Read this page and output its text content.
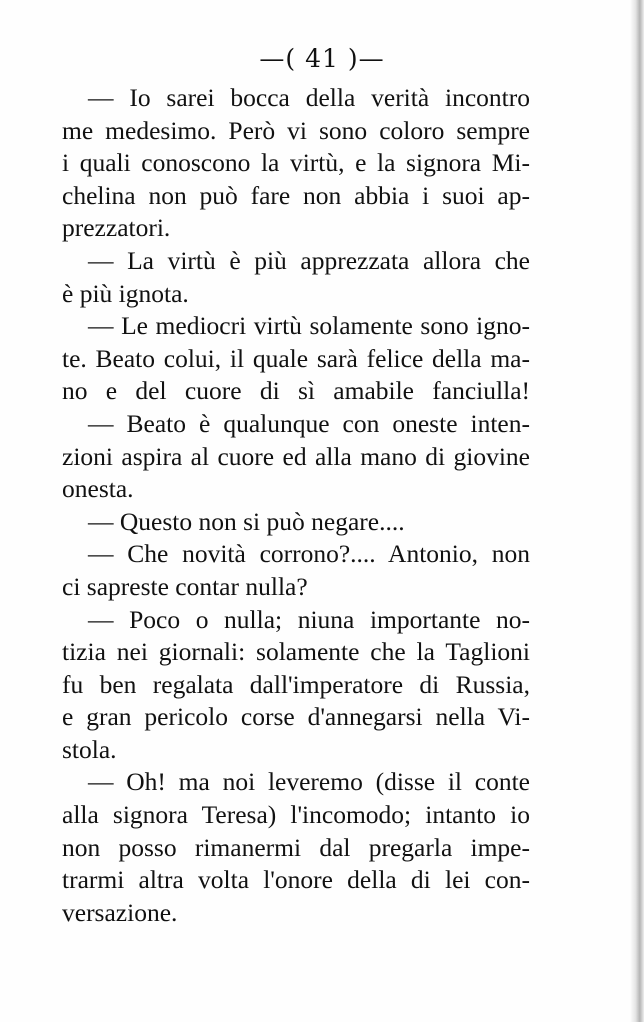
—( 41 )—
— Io sarei bocca della verità incontro
me medesimo. Però vi sono coloro sempre
i quali conoscono la virtù, e la signora Mi-
chelina non può fare non abbia i suoi ap-
prezzatori.
— La virtù è più apprezzata allora che
è più ignota.
— Le mediocri virtù solamente sono igno-
te. Beato colui, il quale sarà felice della ma-
no e del cuore di sì amabile fanciulla!
— Beato è qualunque con oneste inten-
zioni aspira al cuore ed alla mano di giovine
onesta.
— Questo non si può negare....
— Che novità corrono?.... Antonio, non
ci sapreste contar nulla?
— Poco o nulla; niuna importante no-
tizia nei giornali: solamente che la Taglioni
fu ben regalata dall'imperatore di Russia,
e gran pericolo corse d'annegarsi nella Vi-
stola.
— Oh! ma noi leveremo (disse il conte
alla signora Teresa) l'incomodo; intanto io
non posso rimanermi dal pregarla impe-
trarmi altra volta l'onore della di lei con-
versazione.
